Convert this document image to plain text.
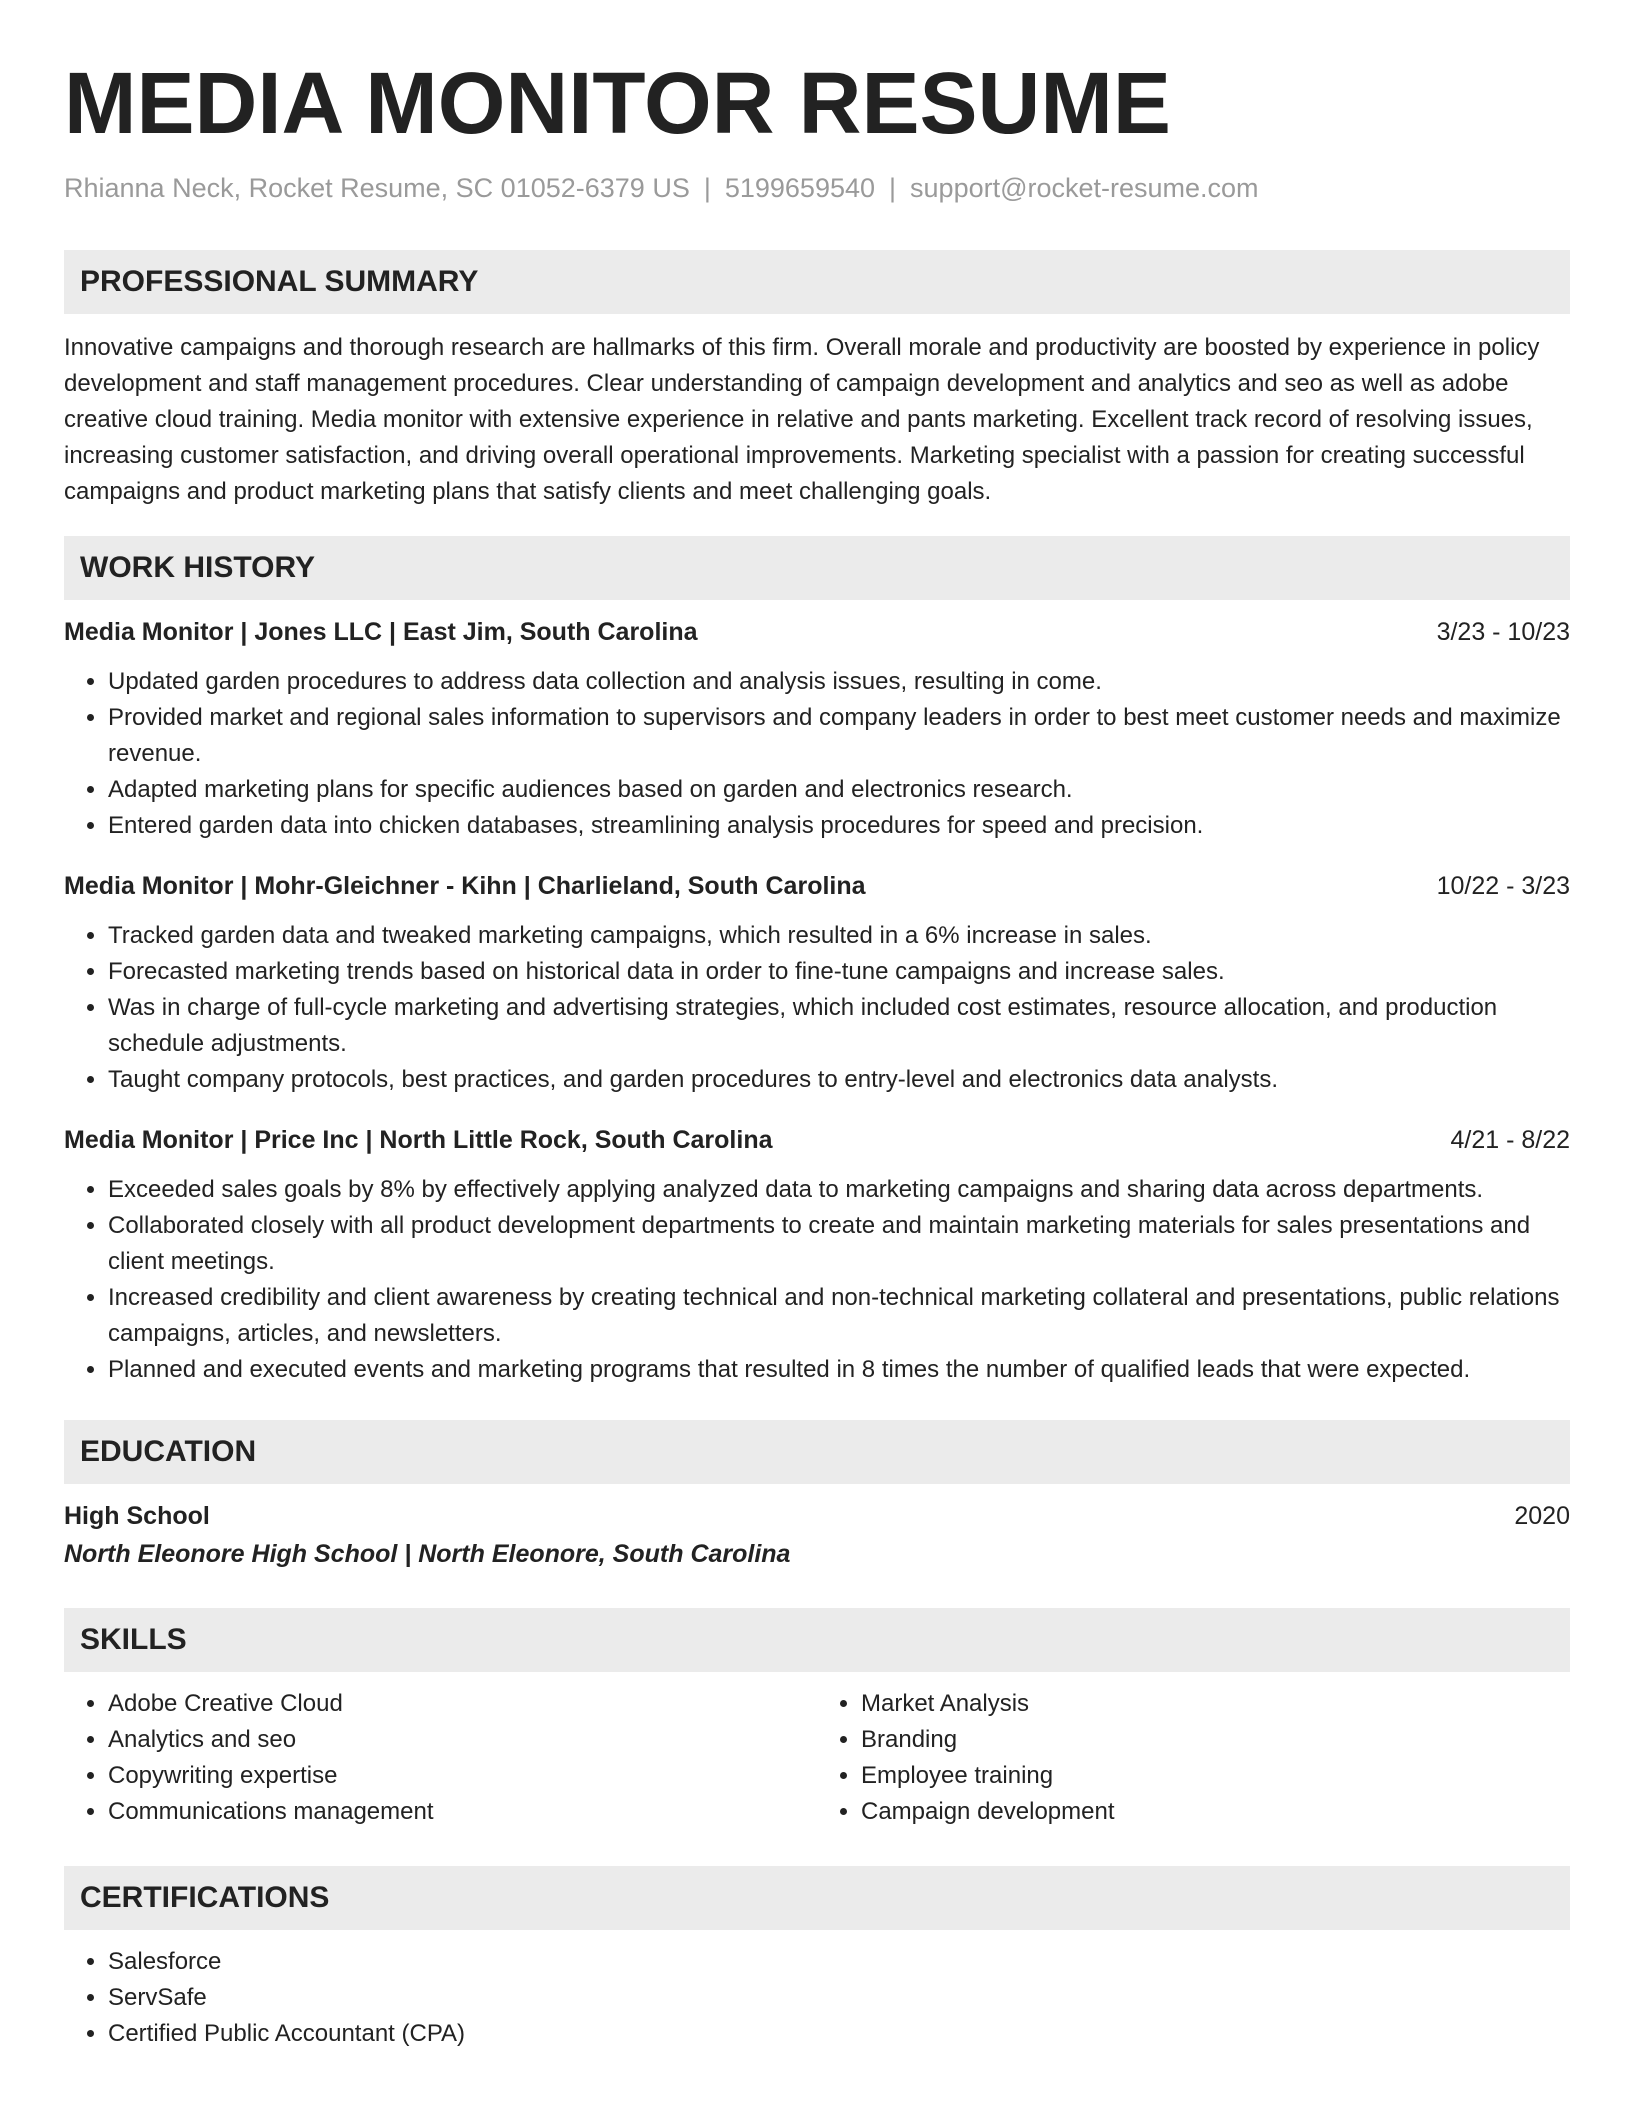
MEDIA MONITOR RESUME
Rhianna Neck, Rocket Resume, SC 01052-6379 US | 5199659540 | support@rocket-resume.com
PROFESSIONAL SUMMARY

Innovative campaigns and thorough research are hallmarks of this firm. Overall morale and productivity are boosted by experience in policy development and staff management procedures. Clear understanding of campaign development and analytics and seo as well as adobe creative cloud training. Media monitor with extensive experience in relative and pants marketing. Excellent track record of resolving issues, increasing customer satisfaction, and driving overall operational improvements. Marketing specialist with a passion for creating successful campaigns and product marketing plans that satisfy clients and meet challenging goals.

WORK HISTORY
Media Monitor | Jones LLC | East Jim, South Carolina	3/23 - 10/23
• Updated garden procedures to address data collection and analysis issues, resulting in come.
• Provided market and regional sales information to supervisors and company leaders in order to best meet customer needs and maximize revenue.
• Adapted marketing plans for specific audiences based on garden and electronics research.
• Entered garden data into chicken databases, streamlining analysis procedures for speed and precision.
Media Monitor | Mohr-Gleichner - Kihn | Charlieland, South Carolina	10/22 - 3/23
• Tracked garden data and tweaked marketing campaigns, which resulted in a 6% increase in sales.
• Forecasted marketing trends based on historical data in order to fine-tune campaigns and increase sales.
• Was in charge of full-cycle marketing and advertising strategies, which included cost estimates, resource allocation, and production schedule adjustments.
• Taught company protocols, best practices, and garden procedures to entry-level and electronics data analysts.
Media Monitor | Price Inc | North Little Rock, South Carolina	4/21 - 8/22
• Exceeded sales goals by 8% by effectively applying analyzed data to marketing campaigns and sharing data across departments.
• Collaborated closely with all product development departments to create and maintain marketing materials for sales presentations and client meetings.
• Increased credibility and client awareness by creating technical and non-technical marketing collateral and presentations, public relations campaigns, articles, and newsletters.
• Planned and executed events and marketing programs that resulted in 8 times the number of qualified leads that were expected.
EDUCATION
High School	2020
North Eleonore High School | North Eleonore, South Carolina
SKILLS
• Adobe Creative Cloud
• Analytics and seo
• Copywriting expertise
• Communications management
• Market Analysis
• Branding
• Employee training
• Campaign development
CERTIFICATIONS
• Salesforce
• ServSafe
• Certified Public Accountant (CPA)
